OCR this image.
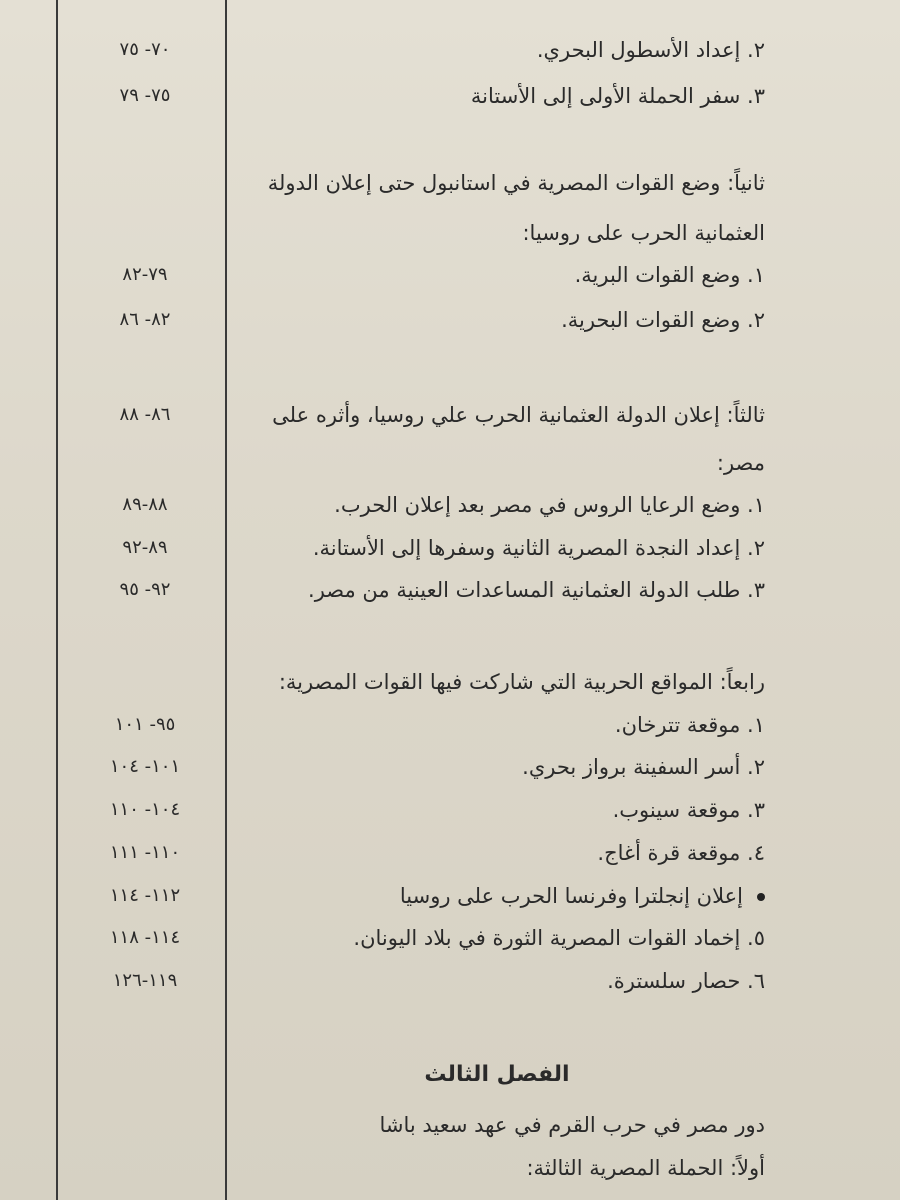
٧٠- ٧٥	٢. إعداد الأسطول البحري.
٧٥- ٧٩	٣. سفر الحملة الأولى إلى الأستانة
ثانياً: وضع القوات المصرية في استانبول حتى إعلان الدولة
العثمانية الحرب على روسيا:
٧٩-٨٢	١. وضع القوات البرية.
٨٢- ٨٦	٢. وضع القوات البحرية.
٨٦- ٨٨	ثالثاً: إعلان الدولة العثمانية الحرب علي روسيا، وأثره على
مصر:
٨٨-٨٩	١. وضع الرعايا الروس في مصر بعد إعلان الحرب.
٨٩-٩٢	٢. إعداد النجدة المصرية الثانية وسفرها إلى الأستانة.
٩٢- ٩٥	٣. طلب الدولة العثمانية المساعدات العينية من مصر.
رابعاً: المواقع الحربية التي شاركت فيها القوات المصرية:
٩٥- ١٠١	١. موقعة تترخان.
١٠١- ١٠٤	٢. أسر السفينة برواز بحري.
١٠٤- ١١٠	٣. موقعة سينوب.
١١٠- ١١١	٤. موقعة قرة أغاج.
١١٢- ١١٤	إعلان إنجلترا وفرنسا الحرب على روسيا
١١٤- ١١٨	٥. إخماد القوات المصرية الثورة في بلاد اليونان.
١١٩-١٢٦	٦. حصار سلسترة.
الفصل الثالث
دور مصر في حرب القرم في عهد سعيد باشا
أولاً: الحملة المصرية الثالثة:
